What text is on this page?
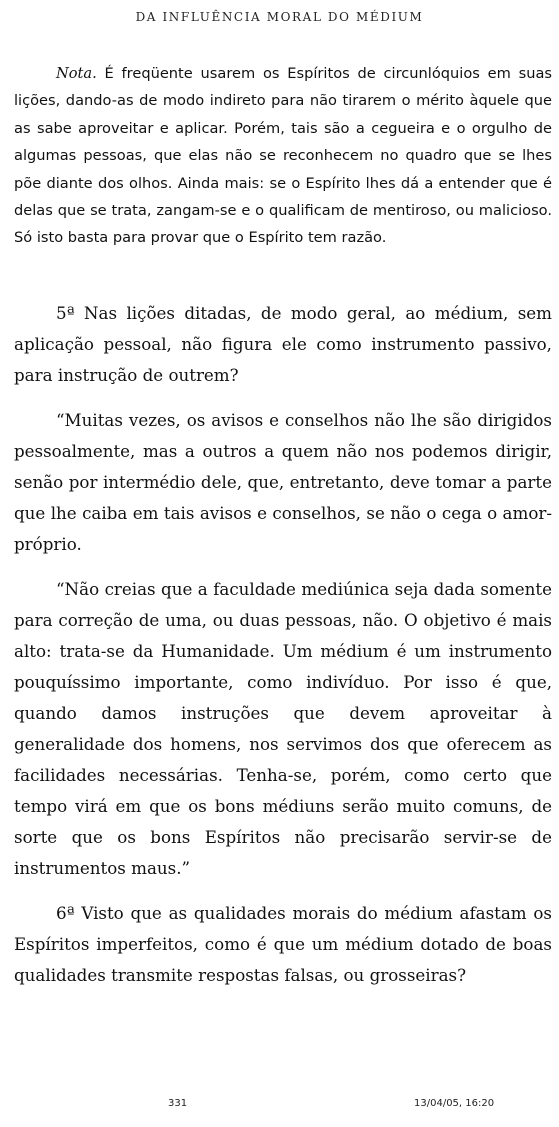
DA INFLUÊNCIA MORAL DO MÉDIUM

Nota. É freqüente usarem os Espíritos de circunlóquios em suas lições, dando-as de modo indireto para não tirarem o mérito àquele que as sabe aproveitar e aplicar. Porém, tais são a cegueira e o orgulho de algumas pessoas, que elas não se reconhecem no quadro que se lhes põe diante dos olhos. Ainda mais: se o Espírito lhes dá a entender que é delas que se trata, zangam-se e o qualificam de mentiroso, ou malicioso. Só isto basta para provar que o Espírito tem razão.

5ª Nas lições ditadas, de modo geral, ao médium, sem aplicação pessoal, não figura ele como instrumento passivo, para instrução de outrem?

“Muitas vezes, os avisos e conselhos não lhe são dirigidos pessoalmente, mas a outros a quem não nos podemos dirigir, senão por intermédio dele, que, entretanto, deve tomar a parte que lhe caiba em tais avisos e conselhos, se não o cega o amor-próprio.

“Não creias que a faculdade mediúnica seja dada somente para correção de uma, ou duas pessoas, não. O objetivo é mais alto: trata-se da Humanidade. Um médium é um instrumento pouquíssimo importante, como indivíduo. Por isso é que, quando damos instruções que devem aproveitar à generalidade dos homens, nos servimos dos que oferecem as facilidades necessárias. Tenha-se, porém, como certo que tempo virá em que os bons médiuns serão muito comuns, de sorte que os bons Espíritos não precisarão servir-se de instrumentos maus.”

6ª Visto que as qualidades morais do médium afastam os Espíritos imperfeitos, como é que um médium dotado de boas qualidades transmite respostas falsas, ou grosseiras?

331	13/04/05, 16:20
